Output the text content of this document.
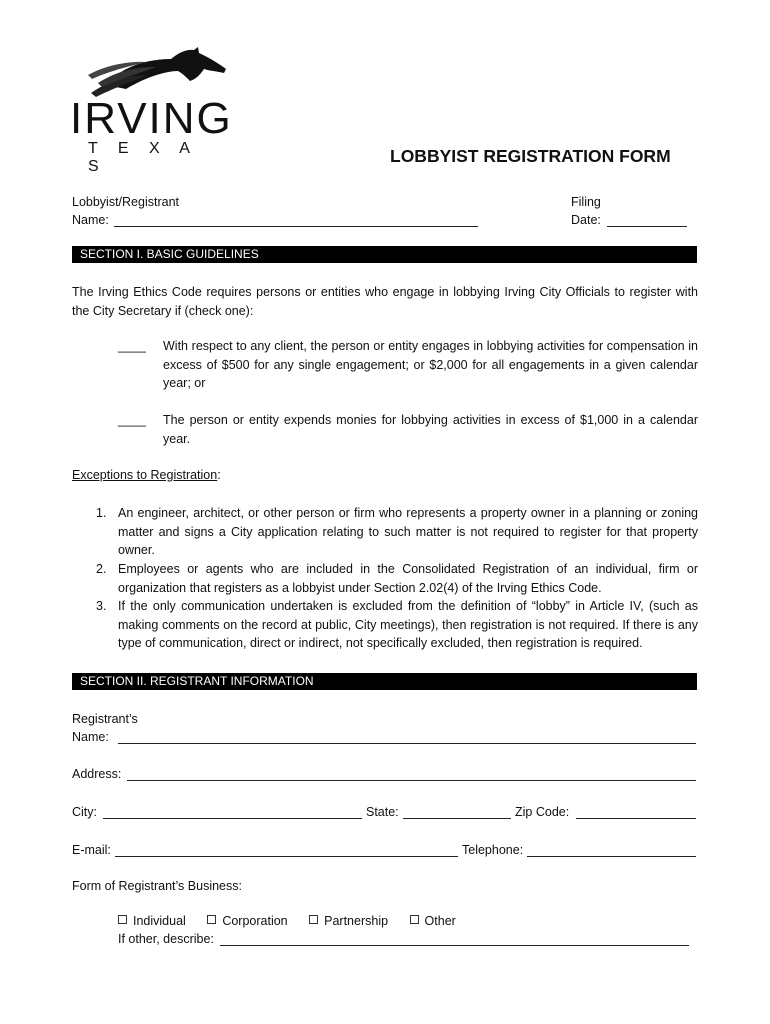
IRVING
T E X A S
LOBBYIST REGISTRATION FORM
Lobbyist/Registrant
Name:
Filing
Date:
SECTION I. BASIC GUIDELINES
The Irving Ethics Code requires persons or entities who engage in lobbying Irving City Officials to register with the City Secretary if (check one):
____ With respect to any client, the person or entity engages in lobbying activities for compensation in excess of $500 for any single engagement; or $2,000 for all engagements in a given calendar year; or
____ The person or entity expends monies for lobbying activities in excess of $1,000 in a calendar year.
Exceptions to Registration:
1. An engineer, architect, or other person or firm who represents a property owner in a planning or zoning matter and signs a City application relating to such matter is not required to register for that property owner.
2. Employees or agents who are included in the Consolidated Registration of an individual, firm or organization that registers as a lobbyist under Section 2.02(4) of the Irving Ethics Code.
3. If the only communication undertaken is excluded from the definition of “lobby” in Article IV, (such as making comments on the record at public, City meetings), then registration is not required. If there is any type of communication, direct or indirect, not specifically excluded, then registration is required.
SECTION II. REGISTRANT INFORMATION
Registrant’s
Name:
Address:
City:	State:	Zip Code:
E-mail:	Telephone:
Form of Registrant’s Business:
Individual	Corporation	Partnership	Other
If other, describe:
